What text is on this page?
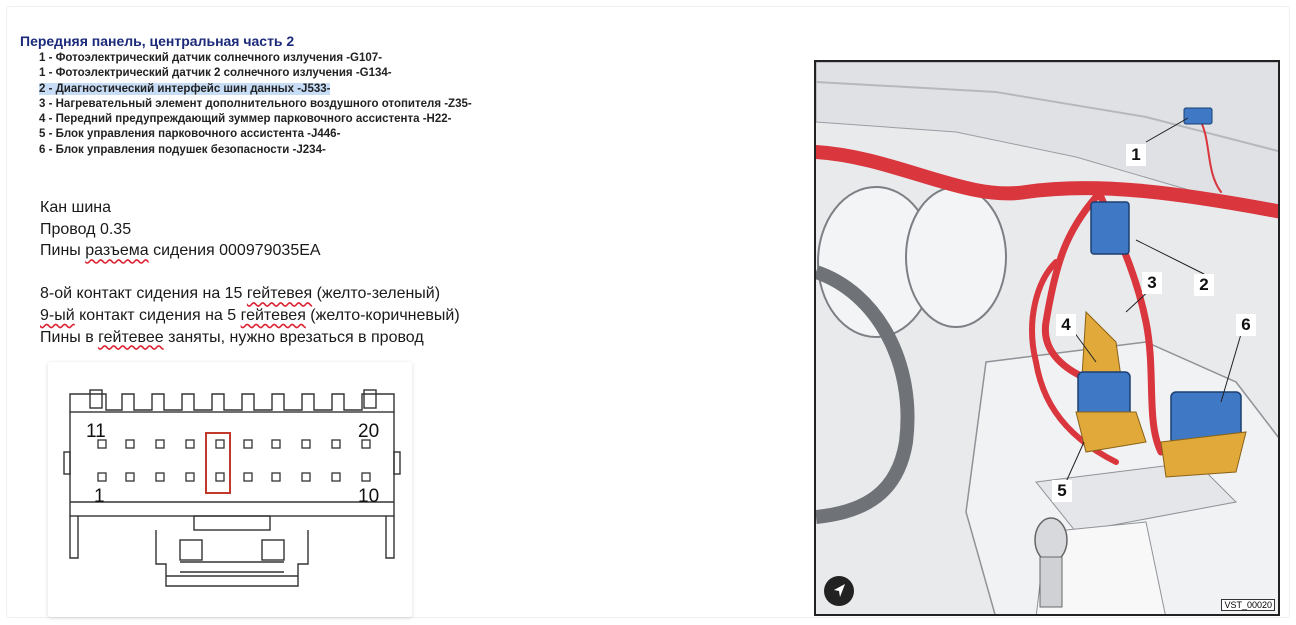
Передняя панель, центральная часть 2
1 - Фотоэлектрический датчик солнечного излучения -G107-
1 - Фотоэлектрический датчик 2 солнечного излучения -G134-
2 - Диагностический интерфейс шин данных -J533-
3 - Нагревательный элемент дополнительного воздушного отопителя -Z35-
4 - Передний предупреждающий зуммер парковочного ассистента -H22-
5 - Блок управления парковочного ассистента -J446-
6 - Блок управления подушек безопасности -J234-
Кан шина
Провод 0.35
Пины разъема сидения 000979035EA
8-ой контакт сидения на 15 гейтевея (желто-зеленый)
9-ый контакт сидения на 5 гейтевея (желто-коричневый)
Пины в гейтевее заняты, нужно врезаться в провод
11	20
1	10
1
2
3
4
5
6
VST_00020
